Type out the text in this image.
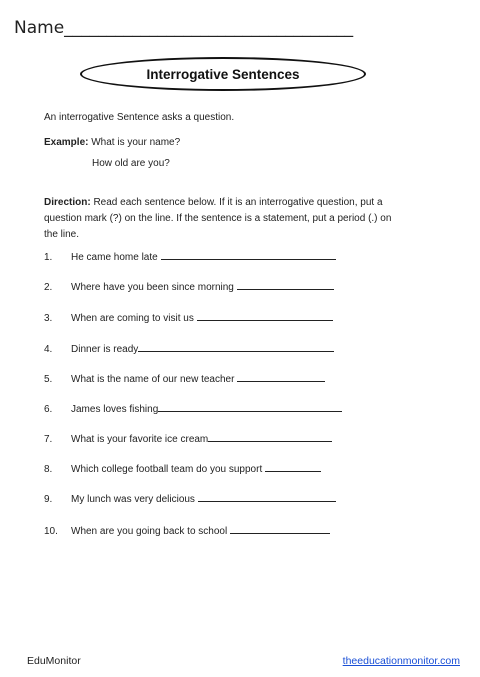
Name__________________________________
Interrogative Sentences
An interrogative Sentence asks a question.
Example: What is your name?
How old are you?
Direction: Read each sentence below. If it is an interrogative question, put a question mark (?) on the line. If the sentence is a statement, put a period (.) on the line.
1. He came home late
2. Where have you been since morning
3. When are coming to visit us
4. Dinner is ready
5. What is the name of our new teacher
6. James loves fishing
7. What is your favorite ice cream
8. Which college football team do you support
9. My lunch was very delicious
10. When are you going back to school
EduMonitor	theeducationmonitor.com
